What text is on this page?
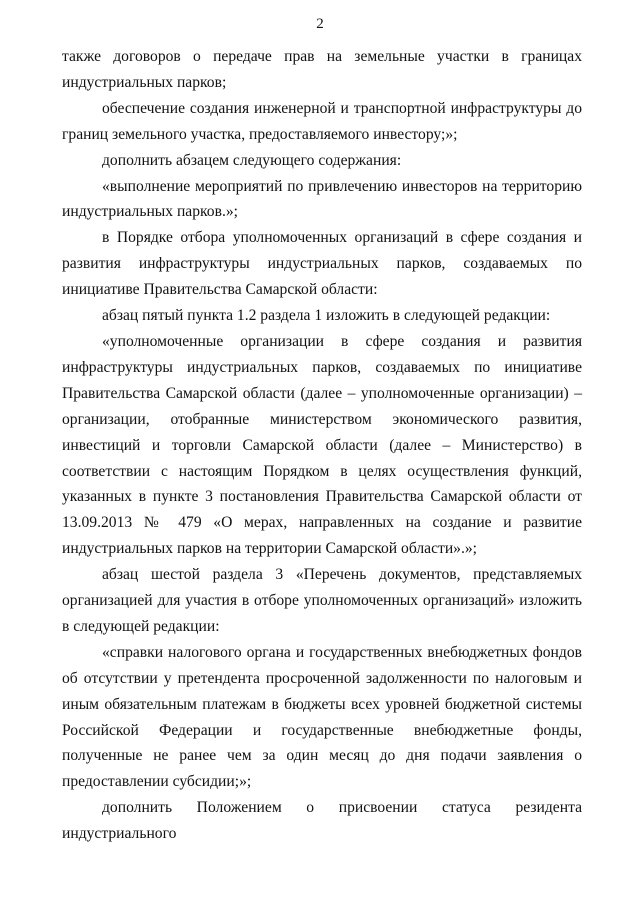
2

также договоров о передаче прав на земельные участки в границах индустриальных парков;

обеспечение создания инженерной и транспортной инфраструктуры до границ земельного участка, предоставляемого инвестору;»;

дополнить абзацем следующего содержания:

«выполнение мероприятий по привлечению инвесторов на территорию индустриальных парков.»;

в Порядке отбора уполномоченных организаций в сфере создания и развития инфраструктуры индустриальных парков, создаваемых по инициативе Правительства Самарской области:

абзац пятый пункта 1.2 раздела 1 изложить в следующей редакции:

«уполномоченные организации в сфере создания и развития инфраструктуры индустриальных парков, создаваемых по инициативе Правительства Самарской области (далее – уполномоченные организации) – организации, отобранные министерством экономического развития, инвестиций и торговли Самарской области (далее – Министерство) в соответствии с настоящим Порядком в целях осуществления функций, указанных в пункте 3 постановления Правительства Самарской области от 13.09.2013 № 479 «О мерах, направленных на создание и развитие индустриальных парков на территории Самарской области».»;

абзац шестой раздела 3 «Перечень документов, представляемых организацией для участия в отборе уполномоченных организаций» изложить в следующей редакции:

«справки налогового органа и государственных внебюджетных фондов об отсутствии у претендента просроченной задолженности по налоговым и иным обязательным платежам в бюджеты всех уровней бюджетной системы Российской Федерации и государственные внебюджетные фонды, полученные не ранее чем за один месяц до дня подачи заявления о предоставлении субсидии;»;

дополнить Положением о присвоении статуса резидента индустриального
